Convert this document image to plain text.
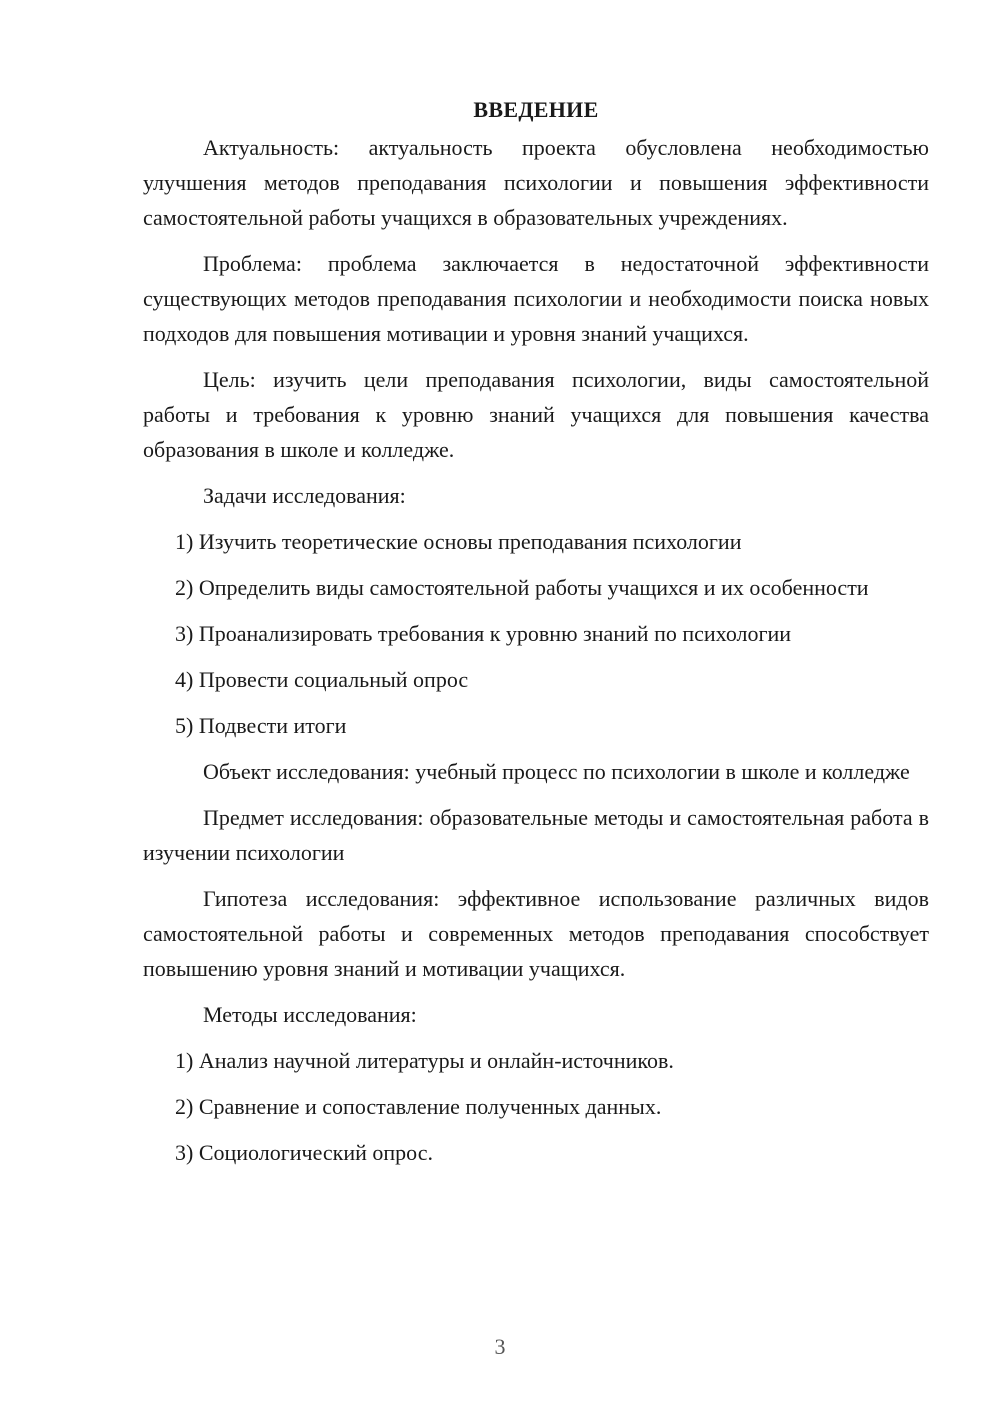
ВВЕДЕНИЕ

Актуальность: актуальность проекта обусловлена необходимостью улучшения методов преподавания психологии и повышения эффективности самостоятельной работы учащихся в образовательных учреждениях.

Проблема: проблема заключается в недостаточной эффективности существующих методов преподавания психологии и необходимости поиска новых подходов для повышения мотивации и уровня знаний учащихся.

Цель: изучить цели преподавания психологии, виды самостоятельной работы и требования к уровню знаний учащихся для повышения качества образования в школе и колледже.

Задачи исследования:

1) Изучить теоретические основы преподавания психологии

2) Определить виды самостоятельной работы учащихся и их особенности

3) Проанализировать требования к уровню знаний по психологии

4) Провести социальный опрос

5) Подвести итоги

Объект исследования: учебный процесс по психологии в школе и колледже

Предмет исследования: образовательные методы и самостоятельная работа в изучении психологии

Гипотеза исследования: эффективное использование различных видов самостоятельной работы и современных методов преподавания способствует повышению уровня знаний и мотивации учащихся.

Методы исследования:

1) Анализ научной литературы и онлайн-источников.

2) Сравнение и сопоставление полученных данных.

3) Социологический опрос.

3
